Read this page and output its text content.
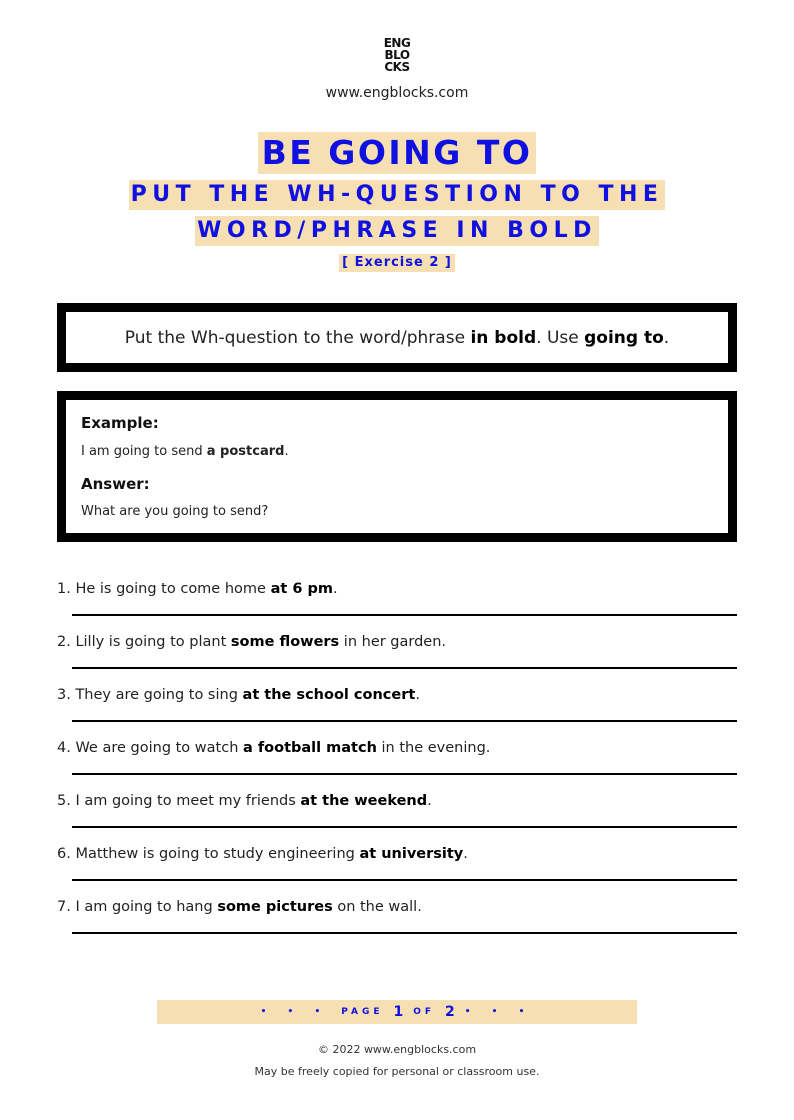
ENG
BLO
CKS
www.engblocks.com
BE GOING TO
PUT THE WH-QUESTION TO THE
WORD/PHRASE IN BOLD
[ Exercise 2 ]
Put the Wh-question to the word/phrase in bold. Use going to.

Example:

I am going to send a postcard.

Answer:

What are you going to send?

1. He is going to come home at 6 pm.
2. Lilly is going to plant some flowers in her garden.
3. They are going to sing at the school concert.
4. We are going to watch a football match in the evening.
5. I am going to meet my friends at the weekend.
6. Matthew is going to study engineering at university.
7. I am going to hang some pictures on the wall.
• • • PAGE 1 OF 2 • • •
© 2022 www.engblocks.com
May be freely copied for personal or classroom use.
